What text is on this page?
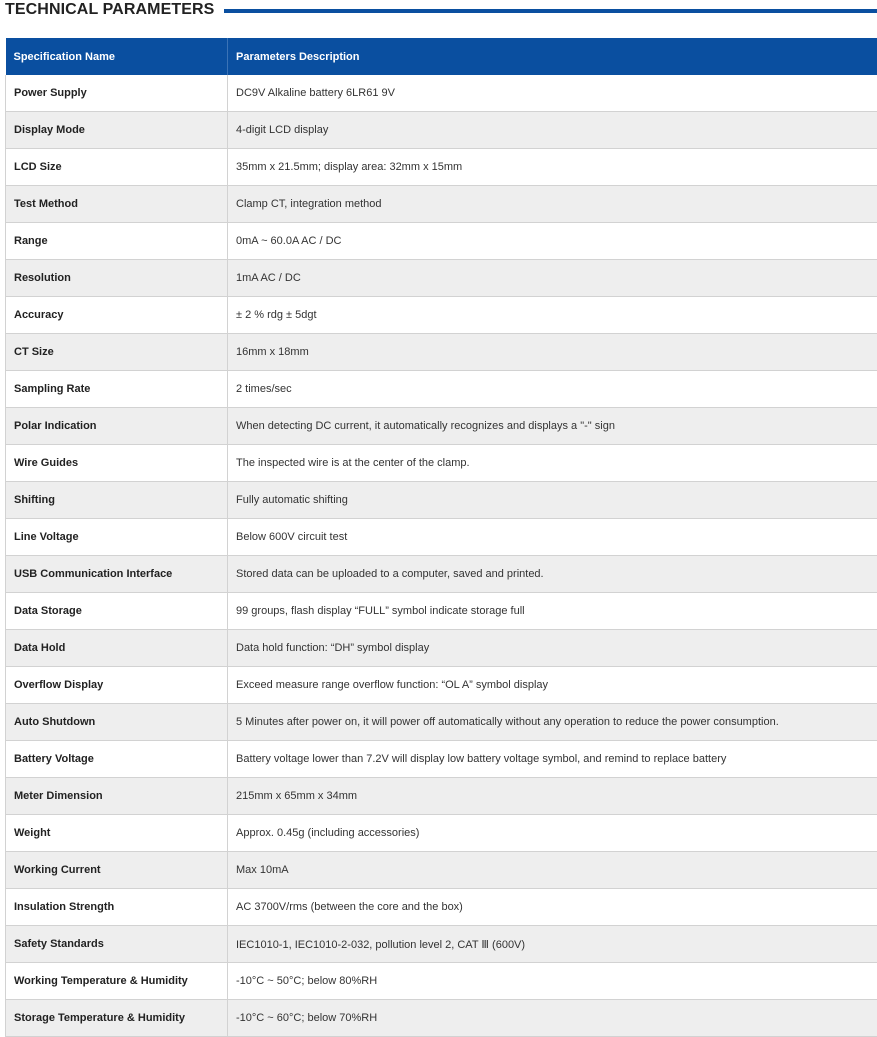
TECHNICAL PARAMETERS
Specification Name	Parameters Description
Power Supply	DC9V Alkaline battery 6LR61 9V
Display Mode	4-digit LCD display
LCD Size	35mm x 21.5mm; display area: 32mm x 15mm
Test Method	Clamp CT, integration method
Range	0mA ~ 60.0A AC / DC
Resolution	1mA AC / DC
Accuracy	± 2 % rdg ± 5dgt
CT Size	16mm x 18mm
Sampling Rate	2 times/sec
Polar Indication	When detecting DC current, it automatically recognizes and displays a "-" sign
Wire Guides	The inspected wire is at the center of the clamp.
Shifting	Fully automatic shifting
Line Voltage	Below 600V circuit test
USB Communication Interface	Stored data can be uploaded to a computer, saved and printed.
Data Storage	99 groups, flash display “FULL” symbol indicate storage full
Data Hold	Data hold function: “DH” symbol display
Overflow Display	Exceed measure range overflow function: “OL A” symbol display
Auto Shutdown	5 Minutes after power on, it will power off automatically without any operation to reduce the power consumption.
Battery Voltage	Battery voltage lower than 7.2V will display low battery voltage symbol, and remind to replace battery
Meter Dimension	215mm x 65mm x 34mm
Weight	Approx. 0.45g (including accessories)
Working Current	Max 10mA
Insulation Strength	AC 3700V/rms (between the core and the box)
Safety Standards	IEC1010-1, IEC1010-2-032, pollution level 2, CAT Ⅲ (600V)
Working Temperature & Humidity	-10°C ~ 50°C; below 80%RH
Storage Temperature & Humidity	-10°C ~ 60°C; below 70%RH
